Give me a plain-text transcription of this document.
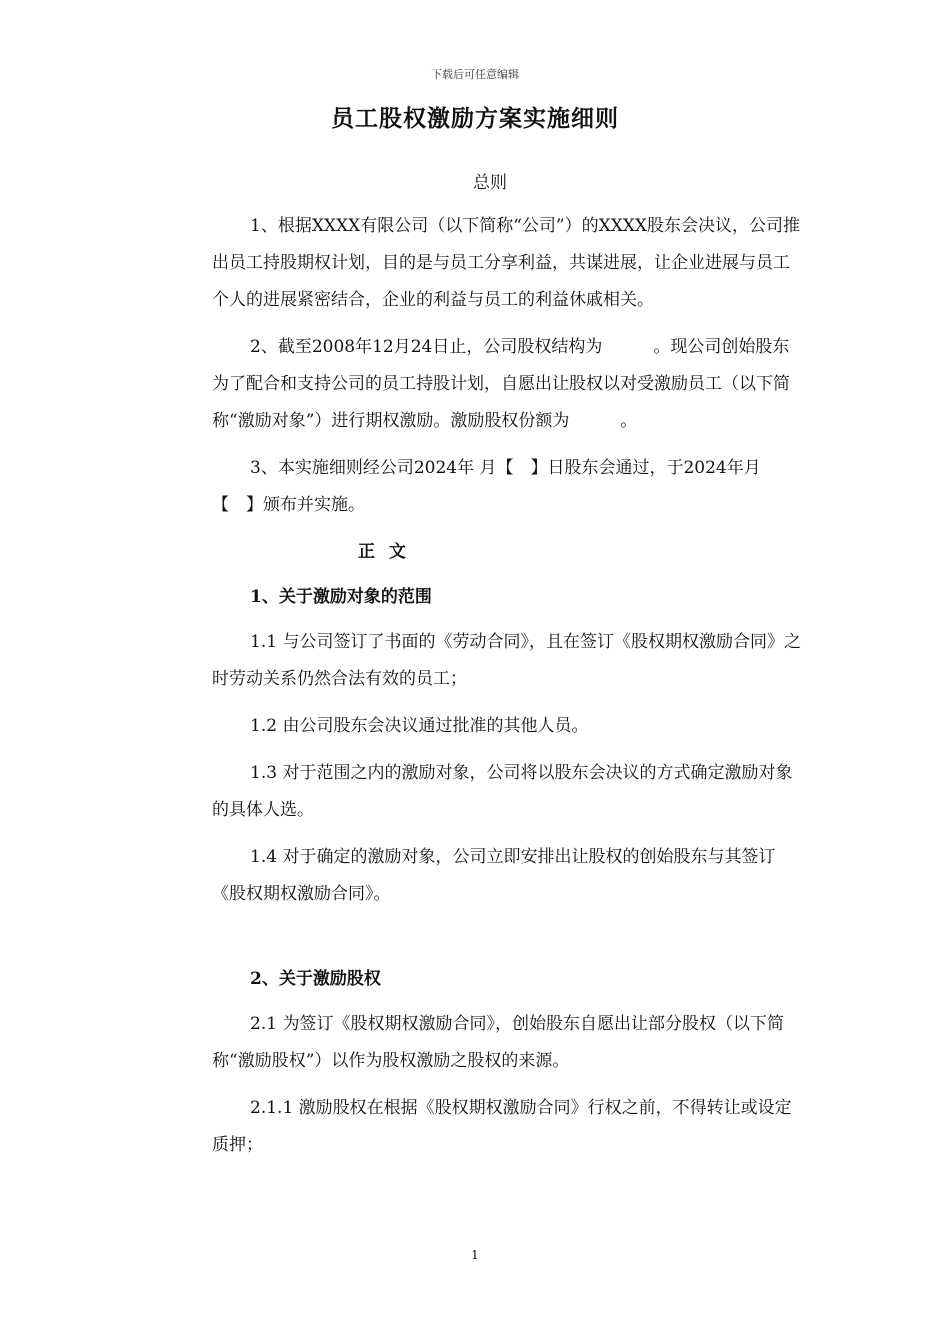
下载后可任意编辑
员工股权激励方案实施细则
总则

1、根据XXXX有限公司（以下简称“公司”）的XXXX股东会决议，公司推出员工持股期权计划，目的是与员工分享利益，共谋进展，让企业进展与员工个人的进展紧密结合，企业的利益与员工的利益休戚相关。

2、截至2008年12月24日止，公司股权结构为　　　。现公司创始股东为了配合和支持公司的员工持股计划，自愿出让股权以对受激励员工（以下简称“激励对象”）进行期权激励。激励股权份额为　　　。

3、本实施细则经公司2024年 月【　】日股东会通过，于2024年月【　】颁布并实施。

正 文

1、关于激励对象的范围

1.1 与公司签订了书面的《劳动合同》，且在签订《股权期权激励合同》之时劳动关系仍然合法有效的员工；

1.2 由公司股东会决议通过批准的其他人员。

1.3 对于范围之内的激励对象，公司将以股东会决议的方式确定激励对象的具体人选。

1.4 对于确定的激励对象，公司立即安排出让股权的创始股东与其签订《股权期权激励合同》。

2、关于激励股权

2.1 为签订《股权期权激励合同》，创始股东自愿出让部分股权（以下简称“激励股权”）以作为股权激励之股权的来源。

2.1.1 激励股权在根据《股权期权激励合同》行权之前，不得转让或设定质押；

1
